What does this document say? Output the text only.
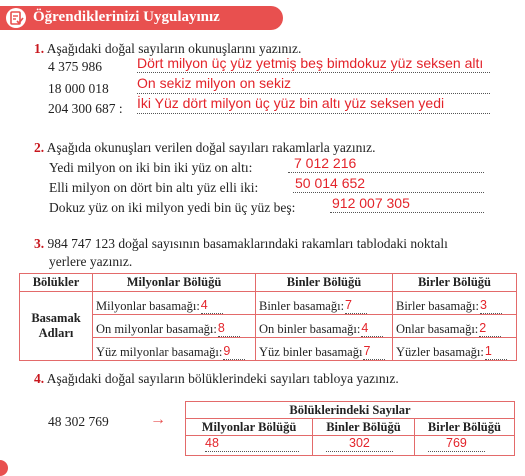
Öğrendiklerinizi Uygulayınız
1. Aşağıdaki doğal sayıların okunuşlarını yazınız.
4 375 986	Dört milyon üç yüz yetmiş beş bimdokuz yüz seksen altı
18 000 018 On sekiz milyon on sekiz
204 300 687 : İki Yüz dört milyon üç yüz bin altı yüz seksen yedi
2. Aşağıda okunuşları verilen doğal sayıları rakamlarla yazınız.
Yedi milyon on iki bin iki yüz on altı:	7 012 216
Elli milyon on dört bin altı yüz elli iki:	50 014 652
Dokuz yüz on iki milyon yedi bin üç yüz beş:	912 007 305
3. 984 747 123 doğal sayısının basamaklarındaki rakamları tablodaki noktalı
yerlere yazınız.
Bölükler	Milyonlar Bölüğü	Binler Bölüğü	Birler Bölüğü
Basamak
Adları	Milyonlar basamağı: 4	Binler basamağı: 7	Birler basamağı: 3

	On milyonlar basamağı: 8	On binler basamağı: 4	Onlar basamağı: 2

	Yüz milyonlar basamağı: 9	Yüz binler basamağı 7	Yüzler basamağı: 1
4. Aşağıdaki doğal sayıların bölüklerindeki sayıları tabloya yazınız.
48 302 769	→
Bölüklerindeki Sayılar		
Milyonlar Bölüğü	Binler Bölüğü	Birler Bölüğü

48	302	769
